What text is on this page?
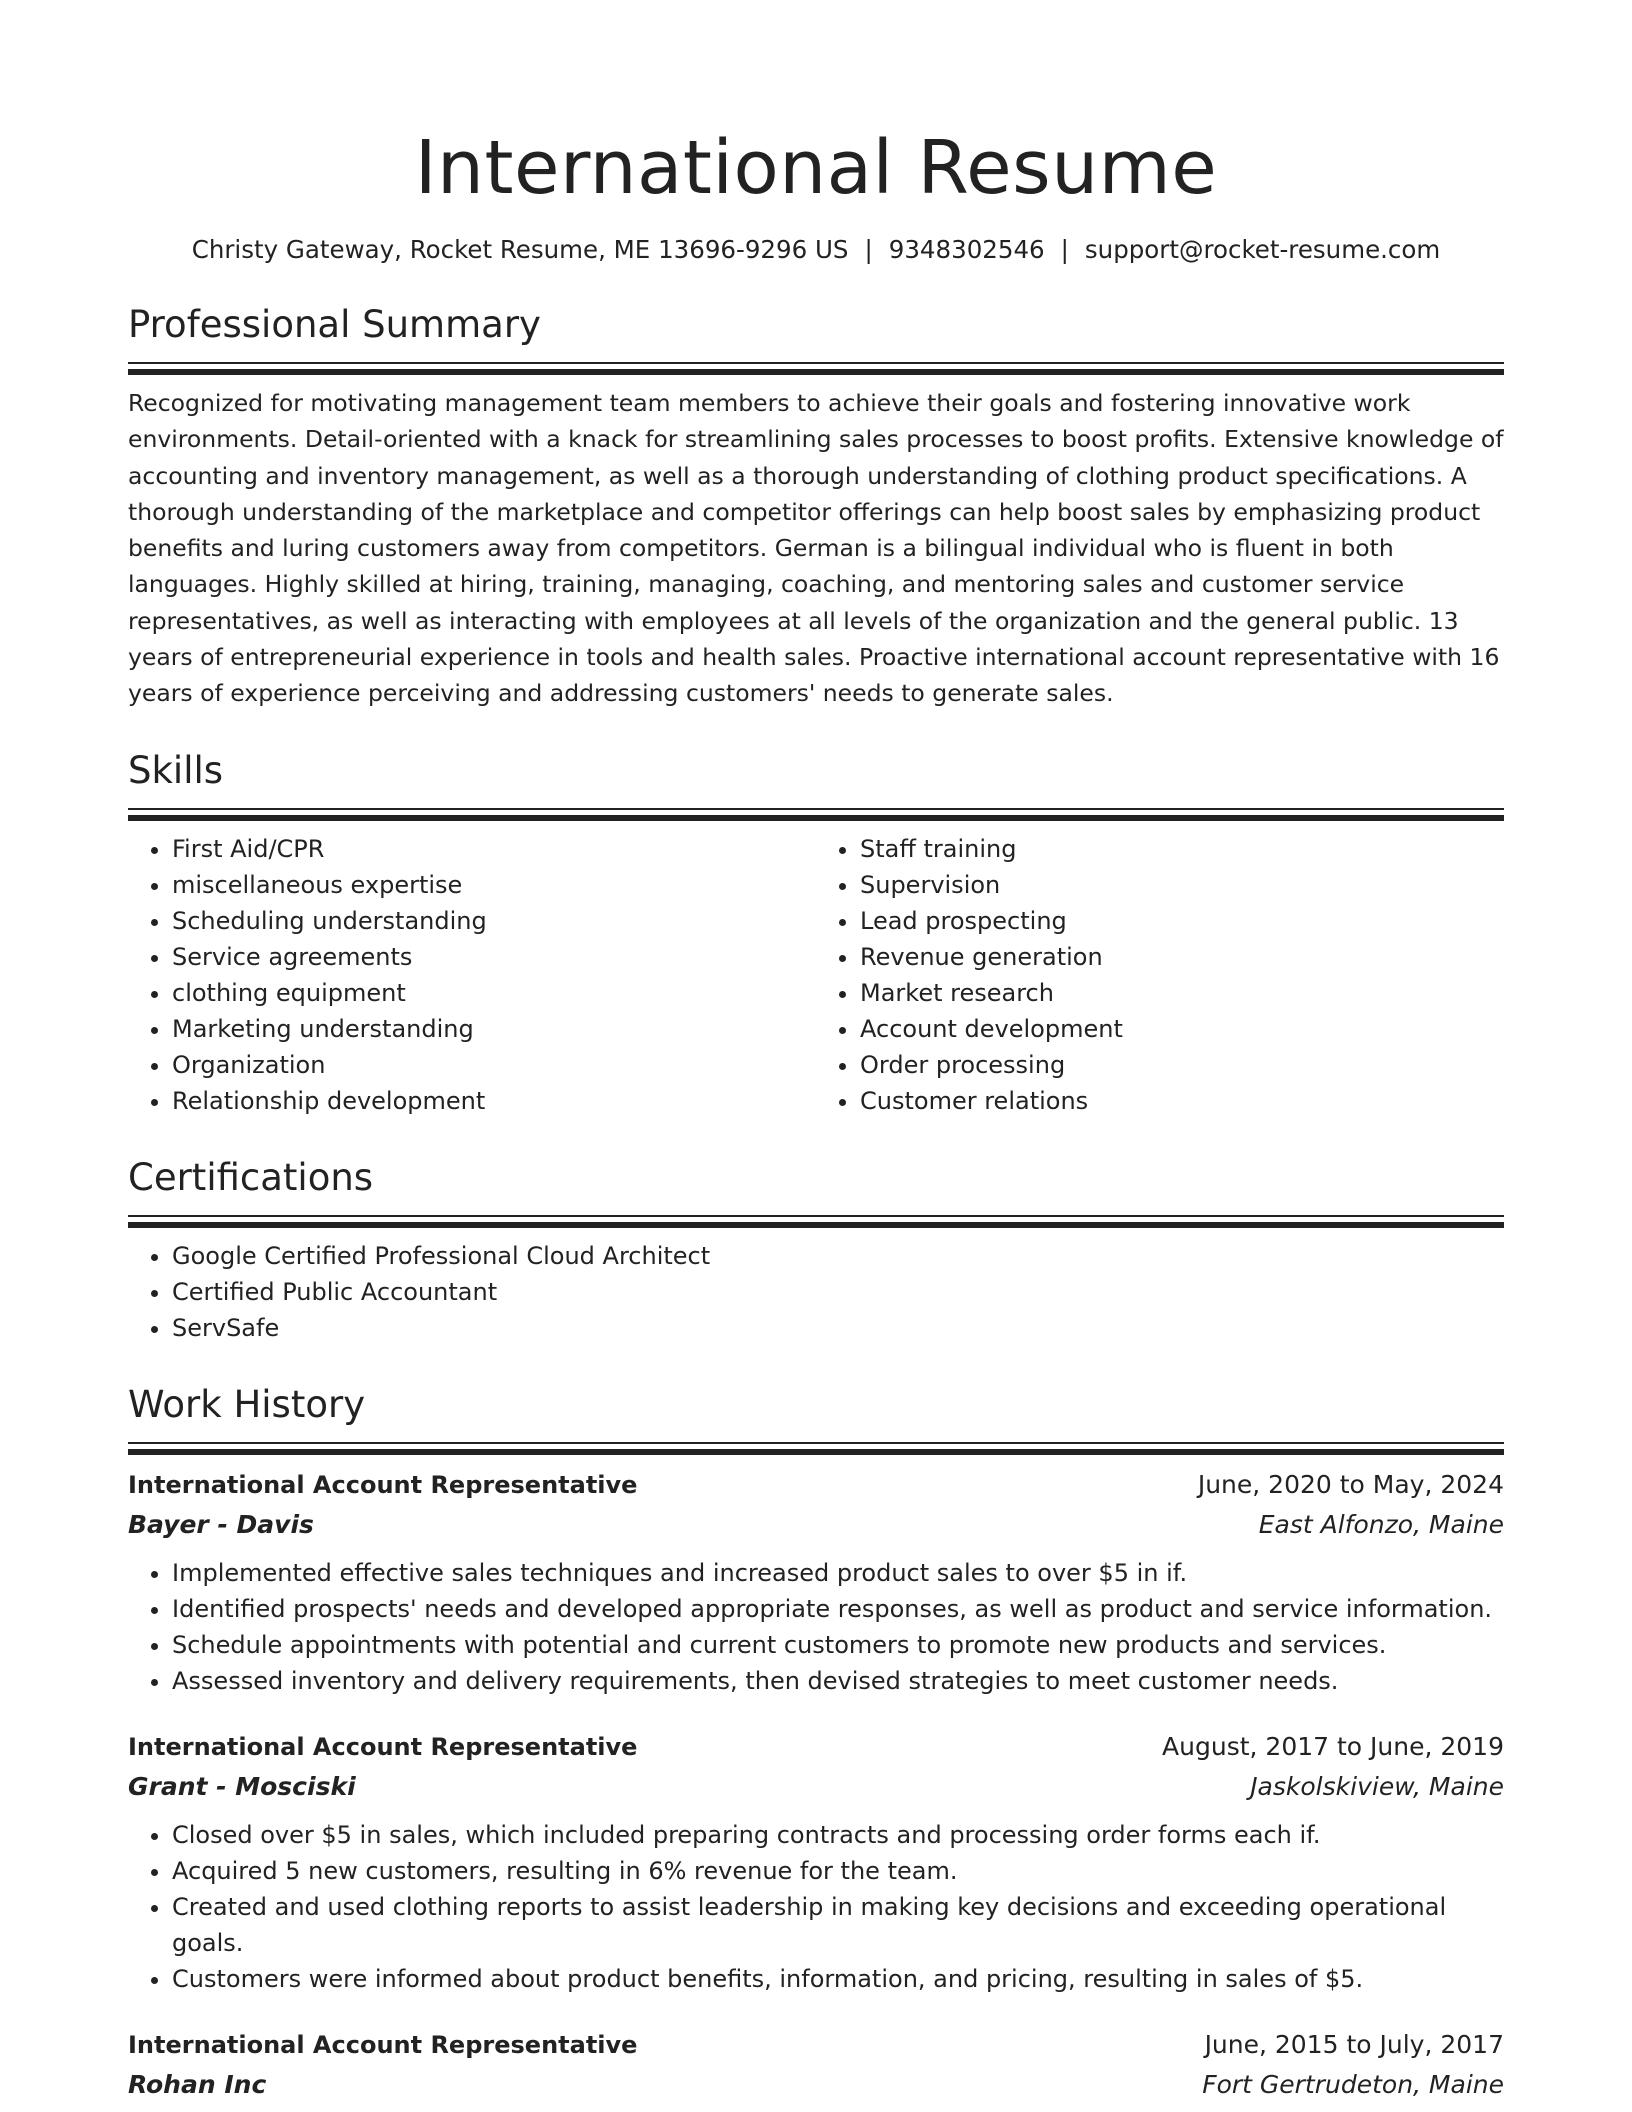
International Resume
Christy Gateway, Rocket Resume, ME 13696-9296 US | 9348302546 | support@rocket-resume.com
Professional Summary

Recognized for motivating management team members to achieve their goals and fostering innovative work environments. Detail-oriented with a knack for streamlining sales processes to boost profits. Extensive knowledge of accounting and inventory management, as well as a thorough understanding of clothing product specifications. A thorough understanding of the marketplace and competitor offerings can help boost sales by emphasizing product benefits and luring customers away from competitors. German is a bilingual individual who is fluent in both languages. Highly skilled at hiring, training, managing, coaching, and mentoring sales and customer service representatives, as well as interacting with employees at all levels of the organization and the general public. 13 years of entrepreneurial experience in tools and health sales. Proactive international account representative with 16 years of experience perceiving and addressing customers' needs to generate sales.

Skills
• First Aid/CPR
• miscellaneous expertise
• Scheduling understanding
• Service agreements
• clothing equipment
• Marketing understanding
• Organization
• Relationship development
• Staff training
• Supervision
• Lead prospecting
• Revenue generation
• Market research
• Account development
• Order processing
• Customer relations
Certifications
• Google Certified Professional Cloud Architect
• Certified Public Accountant
• ServSafe
Work History
International Account Representative	June, 2020 to May, 2024
Bayer - Davis	East Alfonzo, Maine
• Implemented effective sales techniques and increased product sales to over $5 in if.
• Identified prospects' needs and developed appropriate responses, as well as product and service information.
• Schedule appointments with potential and current customers to promote new products and services.
• Assessed inventory and delivery requirements, then devised strategies to meet customer needs.
International Account Representative	August, 2017 to June, 2019
Grant - Mosciski	Jaskolskiview, Maine
• Closed over $5 in sales, which included preparing contracts and processing order forms each if.
• Acquired 5 new customers, resulting in 6% revenue for the team.
• Created and used clothing reports to assist leadership in making key decisions and exceeding operational goals.
• Customers were informed about product benefits, information, and pricing, resulting in sales of $5.
International Account Representative	June, 2015 to July, 2017
Rohan Inc	Fort Gertrudeton, Maine
